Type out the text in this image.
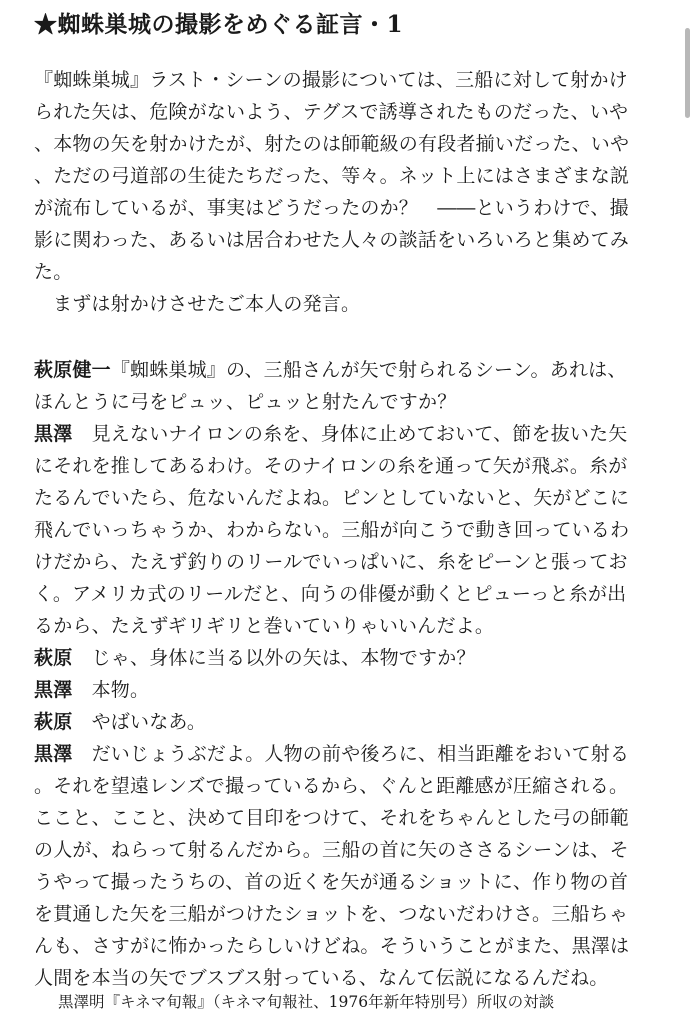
★蜘蛛巣城の撮影をめぐる証言・1
『蜘蛛巣城』ラスト・シーンの撮影については、三船に対して射かけ
られた矢は、危険がないよう、テグスで誘導されたものだった、いや
、本物の矢を射かけたが、射たのは師範級の有段者揃いだった、いや
、ただの弓道部の生徒たちだった、等々。ネット上にはさまざまな説
が流布しているが、事実はどうだったのか？　――というわけで、撮
影に関わった、あるいは居合わせた人々の談話をいろいろと集めてみ
た。
まずは射かけさせたご本人の発言。
萩原健一『蜘蛛巣城』の、三船さんが矢で射られるシーン。あれは、
ほんとうに弓をピュッ、ピュッと射たんですか？
黒澤　見えないナイロンの糸を、身体に止めておいて、節を抜いた矢
にそれを推してあるわけ。そのナイロンの糸を通って矢が飛ぶ。糸が
たるんでいたら、危ないんだよね。ピンとしていないと、矢がどこに
飛んでいっちゃうか、わからない。三船が向こうで動き回っているわ
けだから、たえず釣りのリールでいっぱいに、糸をピーンと張ってお
く。アメリカ式のリールだと、向うの俳優が動くとピューっと糸が出
るから、たえずギリギリと巻いていりゃいいんだよ。
萩原　じゃ、身体に当る以外の矢は、本物ですか？
黒澤　本物。
萩原　やばいなあ。
黒澤　だいじょうぶだよ。人物の前や後ろに、相当距離をおいて射る
。それを望遠レンズで撮っているから、ぐんと距離感が圧縮される。
ここと、ここと、決めて目印をつけて、それをちゃんとした弓の師範
の人が、ねらって射るんだから。三船の首に矢のささるシーンは、そ
うやって撮ったうちの、首の近くを矢が通るショットに、作り物の首
を貫通した矢を三船がつけたショットを、つないだわけさ。三船ちゃ
んも、さすがに怖かったらしいけどね。そういうことがまた、黒澤は
人間を本当の矢でブスブス射っている、なんて伝説になるんだね。
黒澤明『キネマ旬報』（キネマ旬報社、1976年新年特別号）所収の対談
